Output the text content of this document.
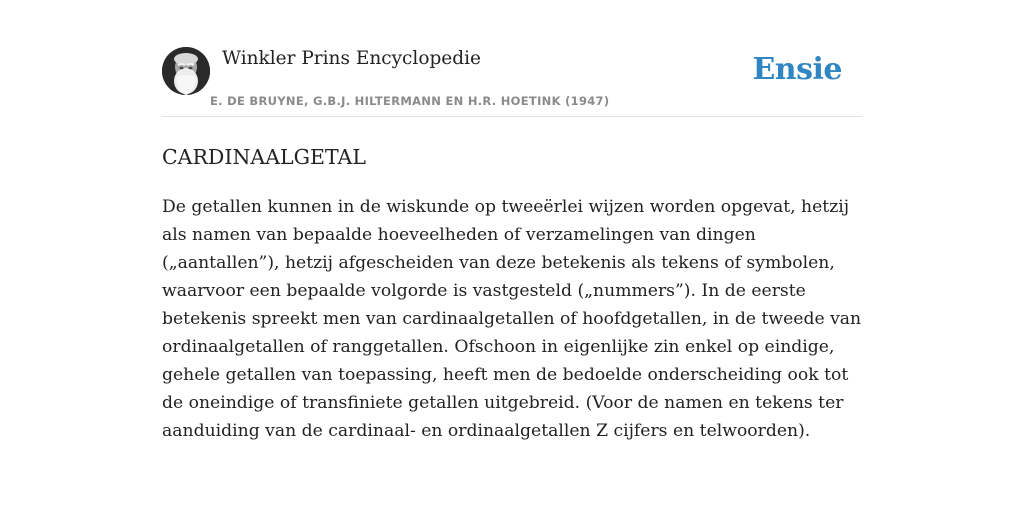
Winkler Prins Encyclopedie
E. DE BRUYNE, G.B.J. HILTERMANN EN H.R. HOETINK (1947)
Ensie
CARDINAALGETAL

De getallen kunnen in de wiskunde op tweeërlei wijzen worden opgevat, hetzij als namen van bepaalde hoeveelheden of verzamelingen van dingen („aantallen”), hetzij afgescheiden van deze betekenis als tekens of symbolen, waarvoor een bepaalde volgorde is vastgesteld („nummers”). In de eerste betekenis spreekt men van cardinaalgetallen of hoofdgetallen, in de tweede van ordinaalgetallen of ranggetallen. Ofschoon in eigenlijke zin enkel op eindige, gehele getallen van toepassing, heeft men de bedoelde onderscheiding ook tot de oneindige of transfiniete getallen uitgebreid. (Voor de namen en tekens ter aanduiding van de cardinaal- en ordinaalgetallen Z cijfers en telwoorden).
